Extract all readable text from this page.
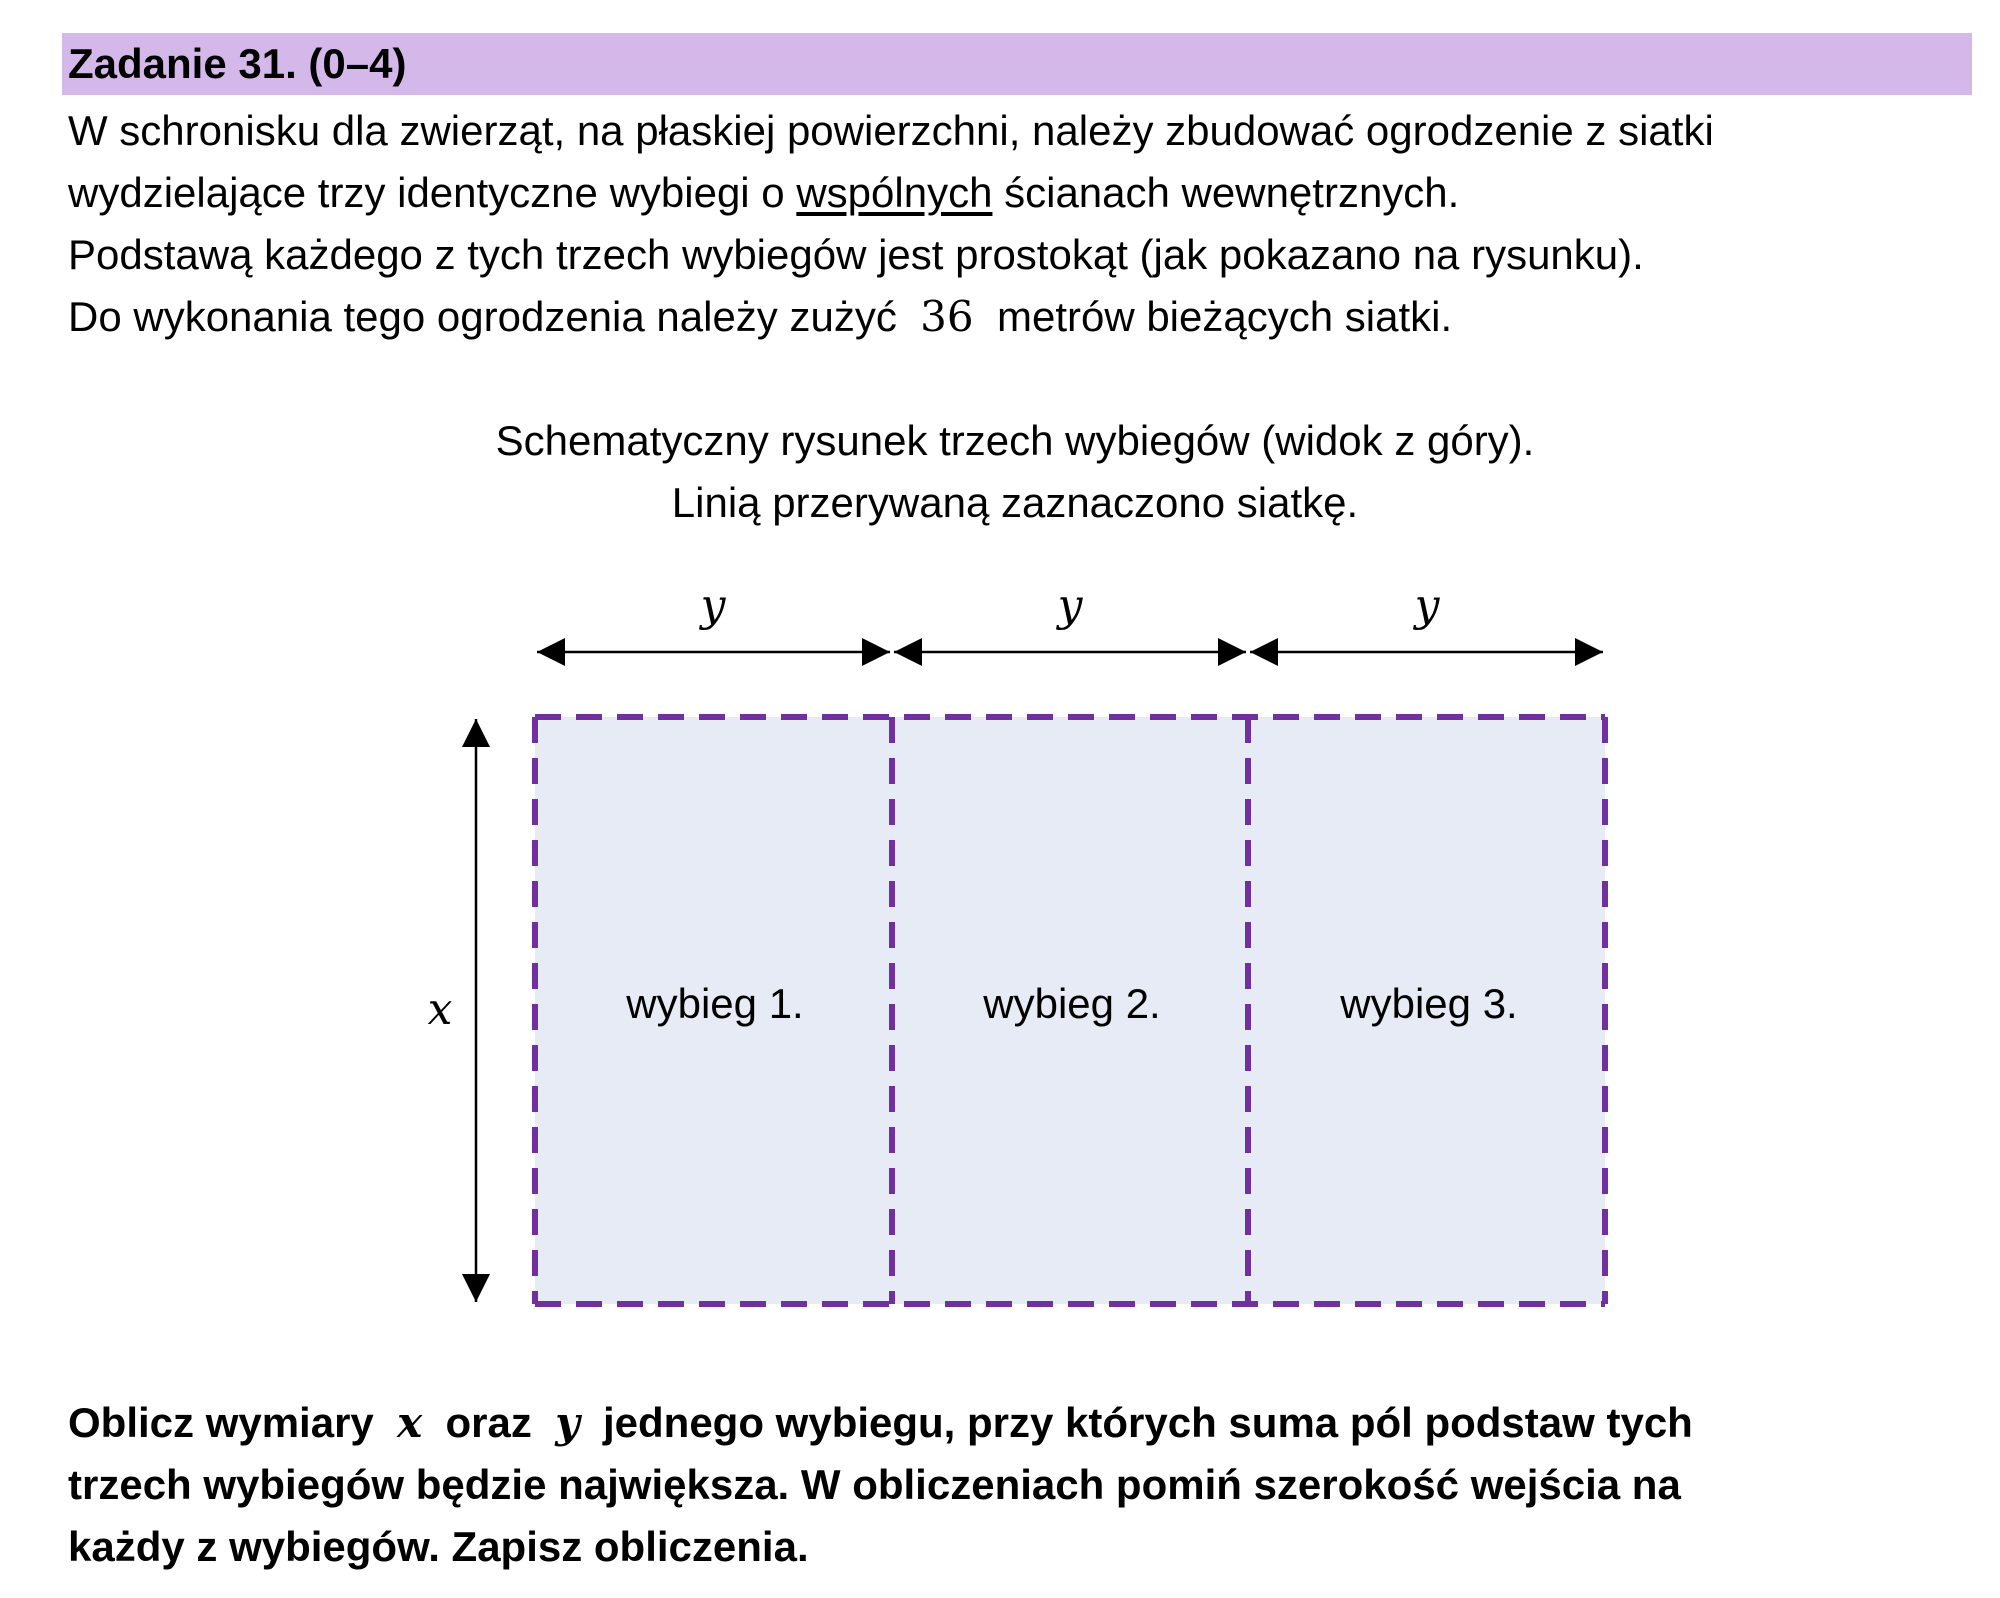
Zadanie 31. (0–4)

W schronisku dla zwierząt, na płaskiej powierzchni, należy zbudować ogrodzenie z siatki

wydzielające trzy identyczne wybiegi o wspólnych ścianach wewnętrznych.

Podstawą każdego z tych trzech wybiegów jest prostokąt (jak pokazano na rysunku).

Do wykonania tego ogrodzenia należy zużyć 36 metrów bieżących siatki.

Schematyczny rysunek trzech wybiegów (widok z góry).

Linią przerywaną zaznaczono siatkę.

y	y	y
x	wybieg 1.	wybieg 2.	wybieg 3.

Oblicz wymiary x oraz y jednego wybiegu, przy których suma pól podstaw tych

trzech wybiegów będzie największa. W obliczeniach pomiń szerokość wejścia na

każdy z wybiegów. Zapisz obliczenia.
